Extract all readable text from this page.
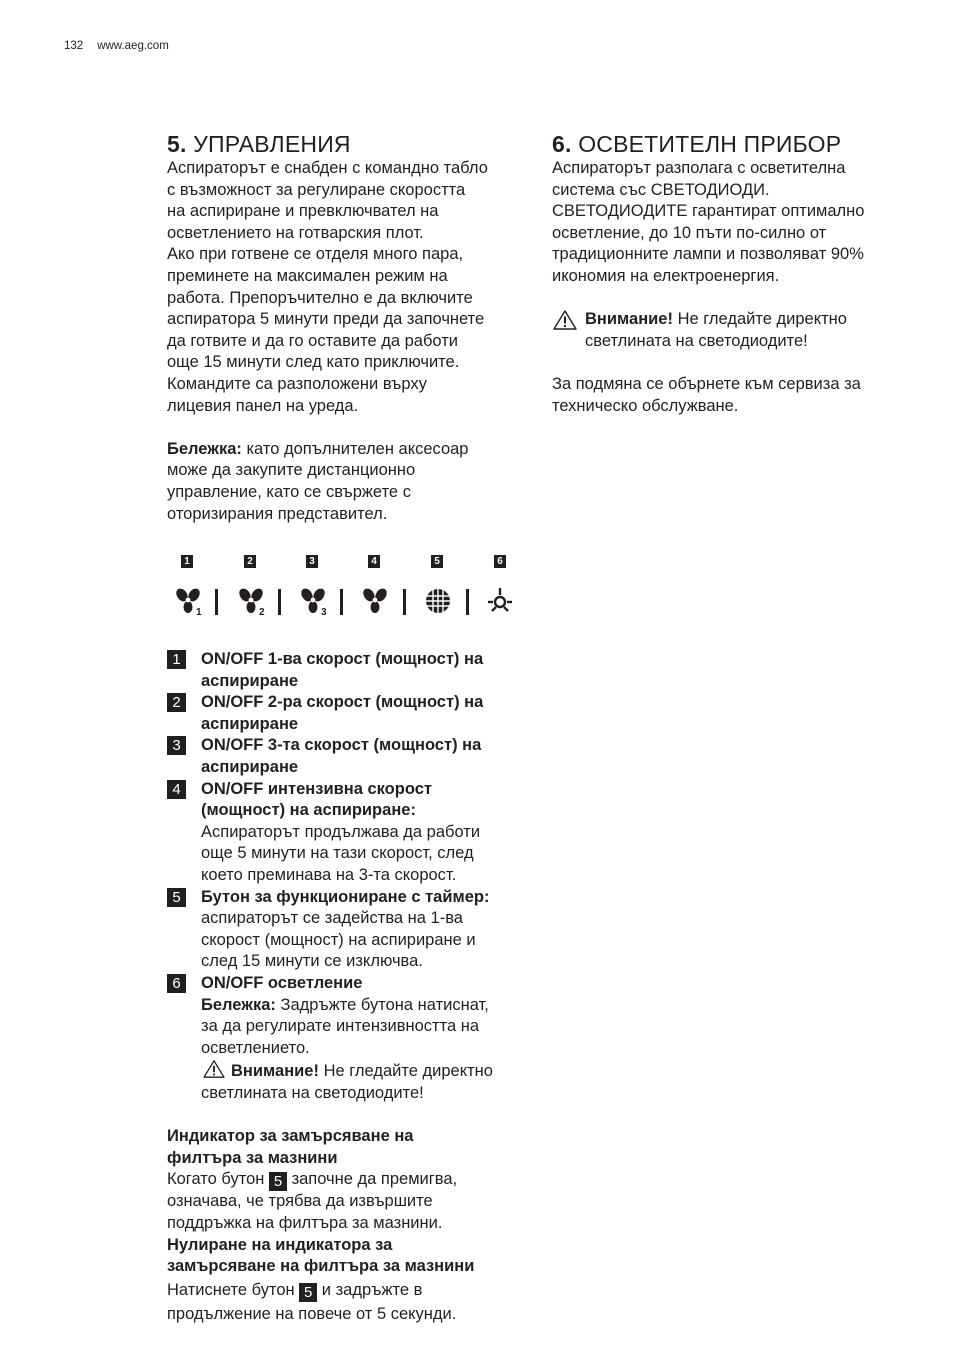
132 www.aeg.com
5. УПРАВЛЕНИЯ

Аспираторът е снабден с командно табло
с възможност за регулиране скоростта
на аспириране и превключвател на
осветлението на готварския плот.
Ако при готвене се отделя много пара,
преминете на максимален режим на
работа. Препоръчително е да включите
аспиратора 5 минути преди да започнете
да готвите и да го оставите да работи
още 15 минути след като приключите.
Командите са разположени върху
лицевия панел на уреда.

Бележка: като допълнителен аксесоар
може да закупите дистанционно
управление, като се свържете с
оторизирания представител.

1	2	3	4	5	6
1	2	3
1	ON/OFF 1-ва скорост (мощност) на
аспириране
2	ON/OFF 2-ра скорост (мощност) на
аспириране
3	ON/OFF 3-та скорост (мощност) на
аспириране
4	ON/OFF интензивна скорост
(мощност) на аспириране:
Аспираторът продължава да работи
още 5 минути на тази скорост, след
което преминава на 3-та скорост.
5	Бутон за функциониране с таймер:
аспираторът се задейства на 1-ва
скорост (мощност) на аспириране и
след 15 минути се изключва.
6	ON/OFF осветление
Бележка: Задръжте бутона натиснат,
за да регулирате интензивността на
осветлението.
Внимание! Не гледайте директно
светлината на светодиодите!

Индикатор за замърсяване на
филтъра за мазнини

Когато бутон 5 започне да премигва,
означава, че трябва да извършите
поддръжка на филтъра за мазнини.

Нулиране на индикатора за
замърсяване на филтъра за мазнини

Натиснете бутон 5 и задръжте в
продължение на повече от 5 секунди.

6. ОСВЕТИТЕЛН ПРИБОР

Аспираторът разполага с осветителна
система със СВЕТОДИОДИ.
СВЕТОДИОДИТЕ гарантират оптимално
осветление, до 10 пъти по-силно от
традиционните лампи и позволяват 90%
икономия на електроенергия.

Внимание! Не гледайте директно
светлината на светодиодите!

За подмяна се обърнете към сервиза за
техническо обслужване.
